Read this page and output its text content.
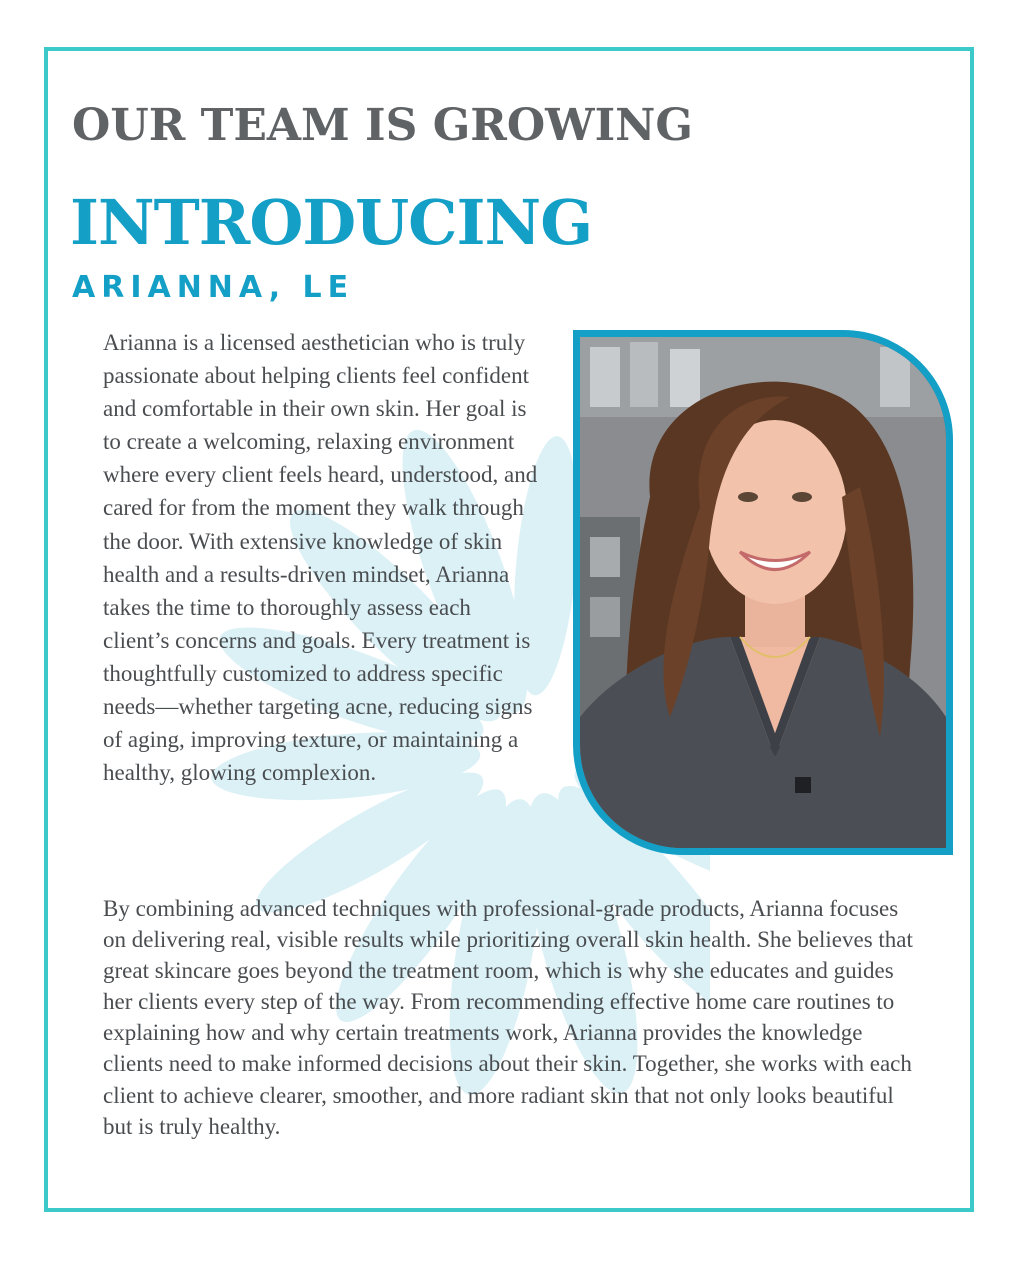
OUR TEAM IS GROWING
INTRODUCING
ARIANNA, LE

Arianna is a licensed aesthetician who is truly passionate about helping clients feel confident and comfortable in their own skin. Her goal is to create a welcoming, relaxing environment where every client feels heard, understood, and cared for from the moment they walk through the door. With extensive knowledge of skin health and a results-driven mindset, Arianna takes the time to thoroughly assess each client’s concerns and goals. Every treatment is thoughtfully customized to address specific needs—whether targeting acne, reducing signs of aging, improving texture, or maintaining a healthy, glowing complexion.

By combining advanced techniques with professional-grade products, Arianna focuses on delivering real, visible results while prioritizing overall skin health. She believes that great skincare goes beyond the treatment room, which is why she educates and guides her clients every step of the way. From recommending effective home care routines to explaining how and why certain treatments work, Arianna provides the knowledge clients need to make informed decisions about their skin. Together, she works with each client to achieve clearer, smoother, and more radiant skin that not only looks beautiful but is truly healthy.
